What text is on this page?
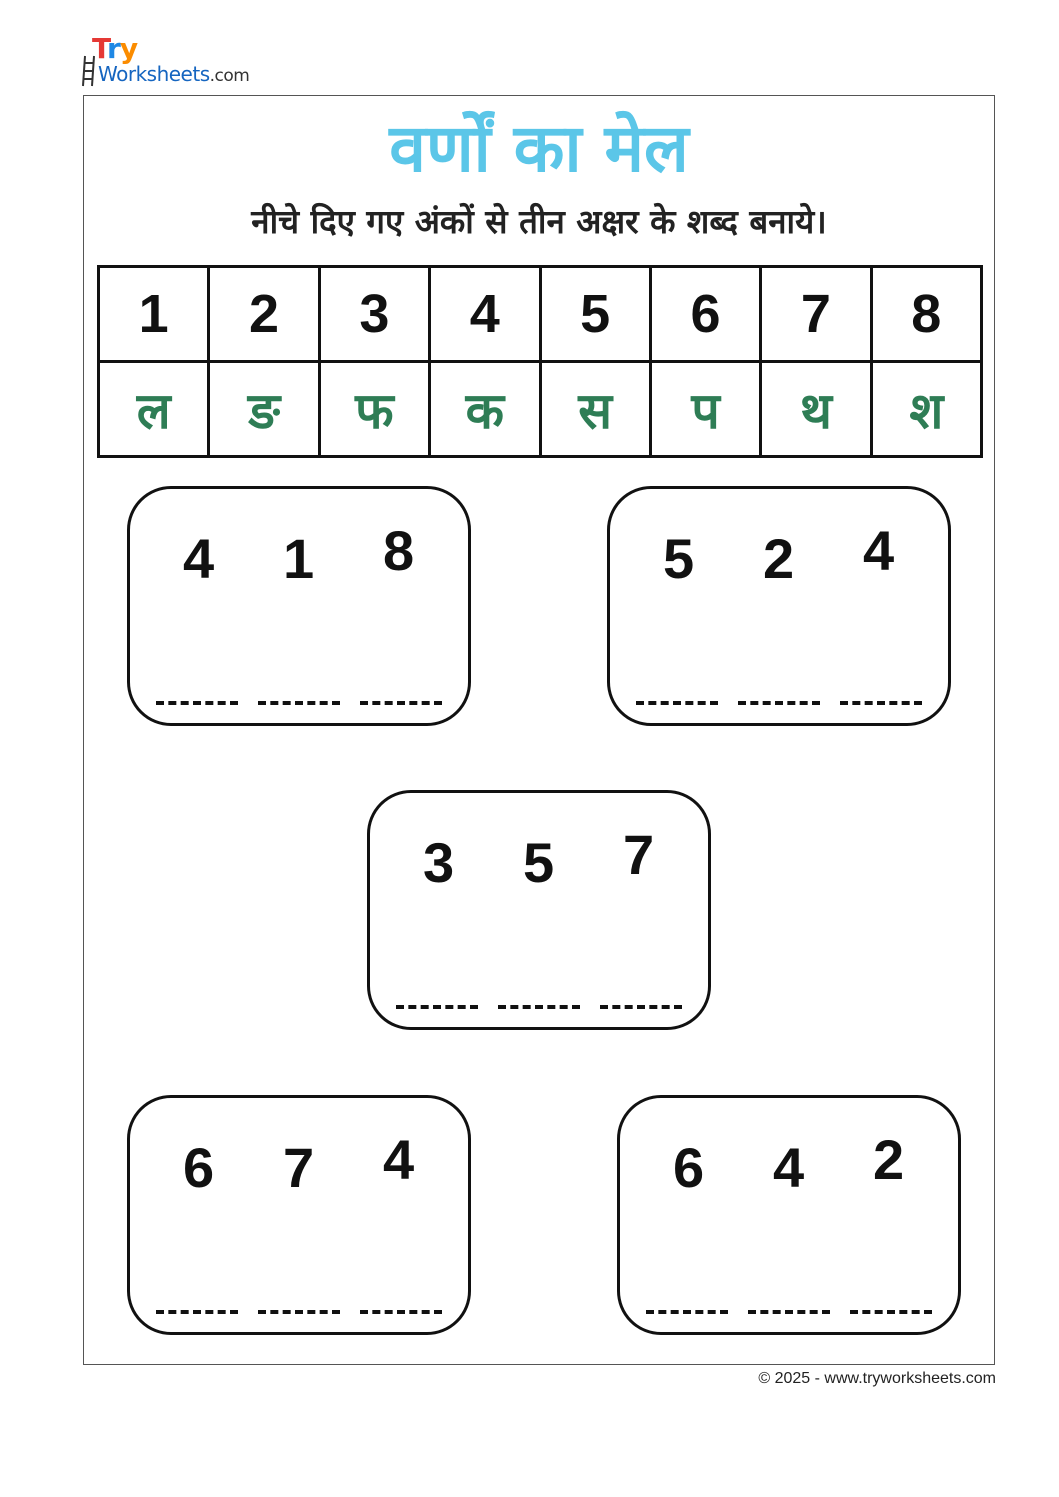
Try
Worksheets.com
वर्णों का मेल
नीचे दिए गए अंकों से तीन अक्षर के शब्द बनाये।
1	2	3	4	5	6	7	8
ल	ङ	फ	क	स	प	थ	श
4 1 8	5 2 4
3 5 7
6 7 4	6 4 2
© 2025 - www.tryworksheets.com
